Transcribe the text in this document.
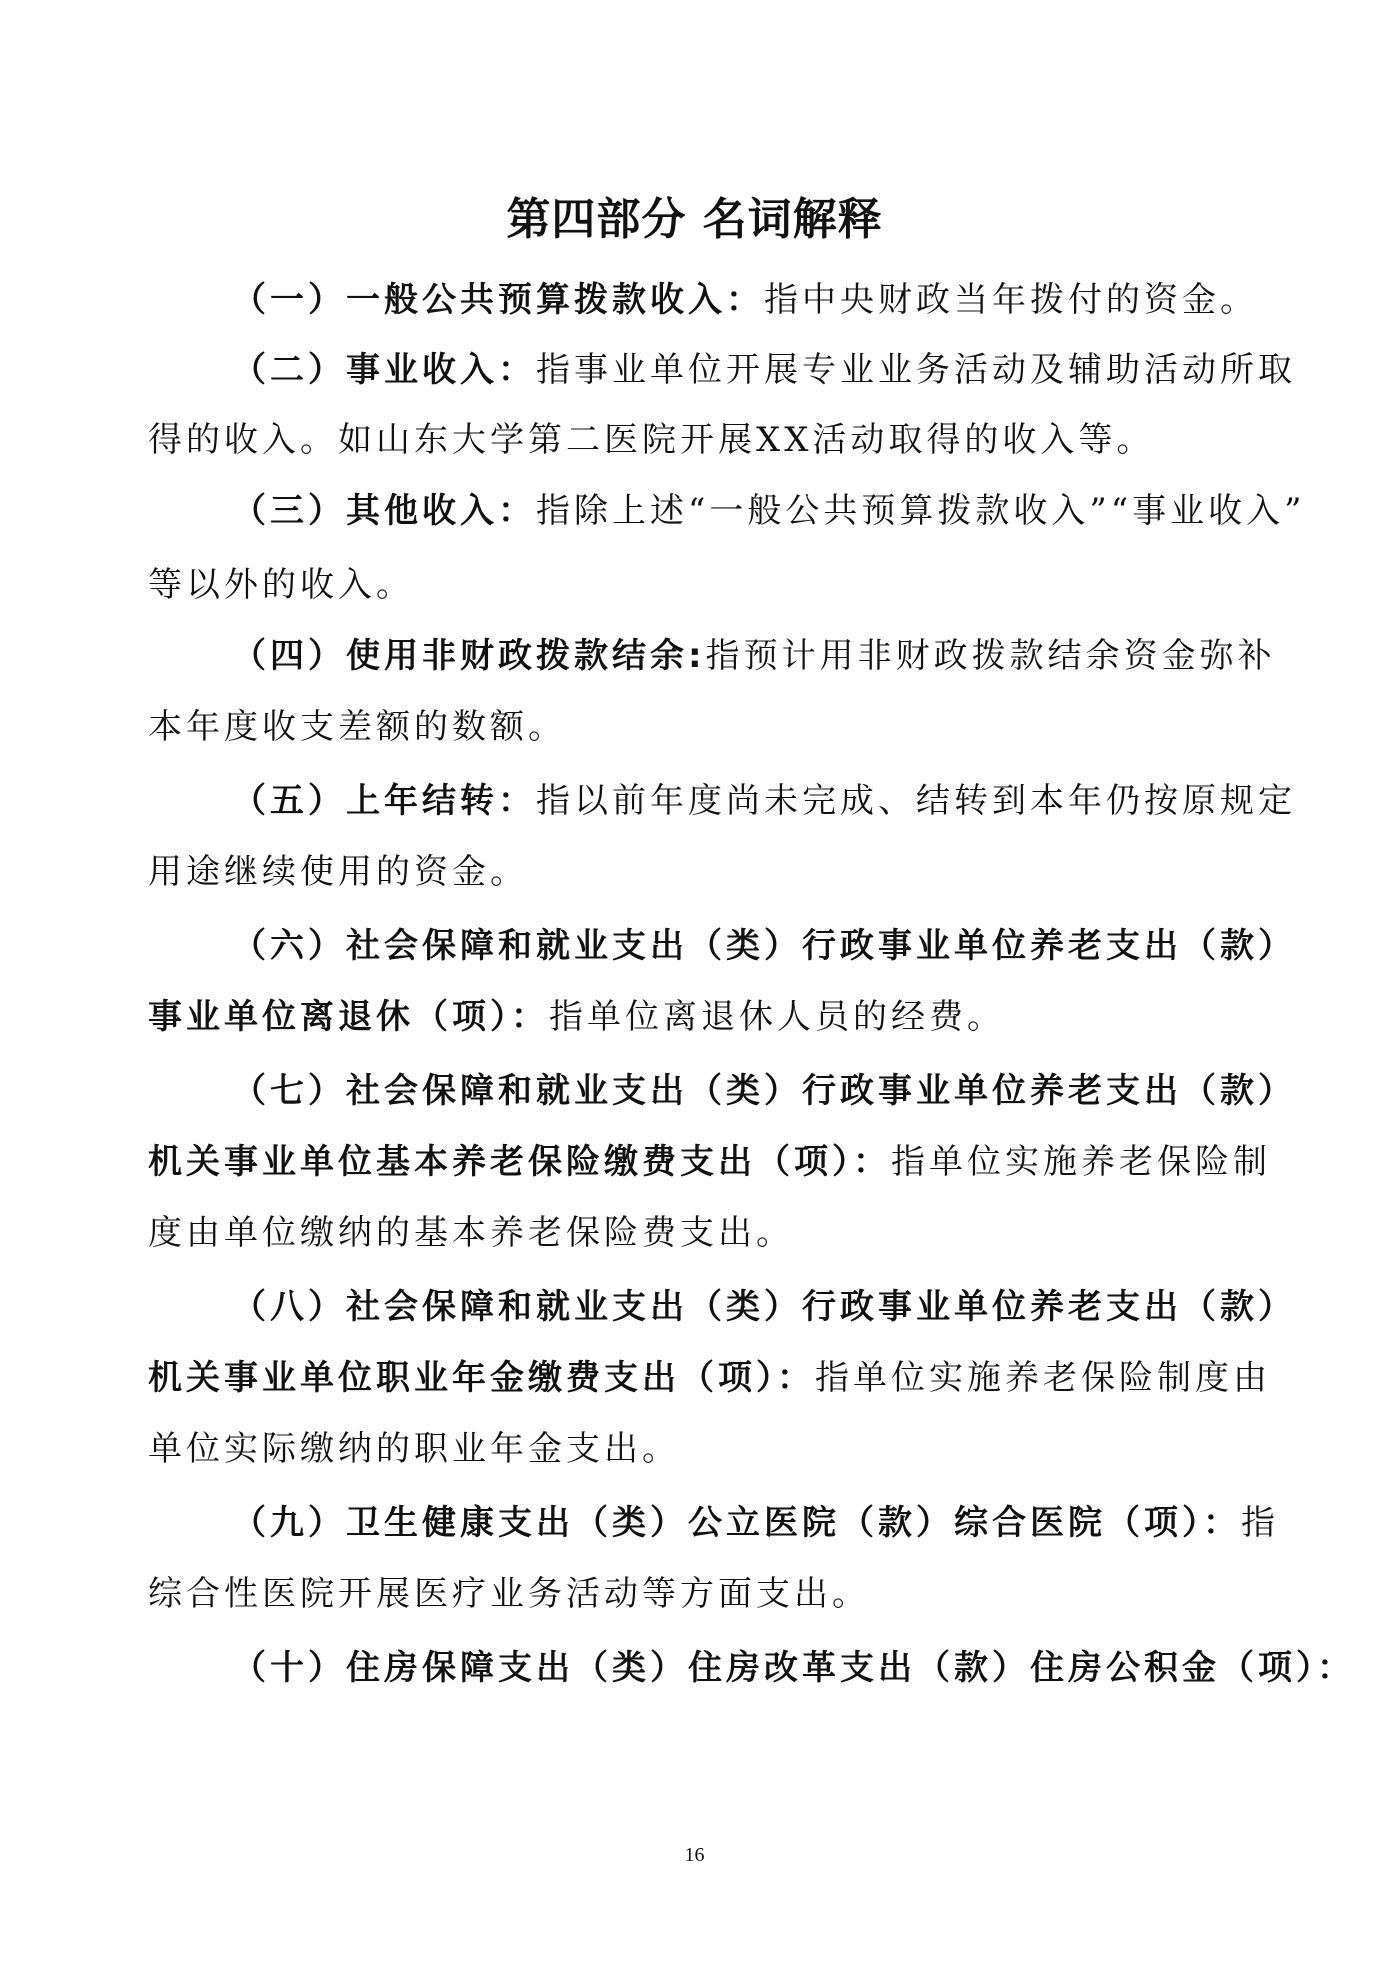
第四部分 名词解释

（一）一般公共预算拨款收入：指中央财政当年拨付的资金。

（二）事业收入：指事业单位开展专业业务活动及辅助活动所取

得的收入。如山东大学第二医院开展XX活动取得的收入等。

（三）其他收入：指除上述“一般公共预算拨款收入”“事业收入”

等以外的收入。

（四）使用非财政拨款结余:指预计用非财政拨款结余资金弥补

本年度收支差额的数额。

（五）上年结转：指以前年度尚未完成、结转到本年仍按原规定

用途继续使用的资金。

（六）社会保障和就业支出（类）行政事业单位养老支出（款）

事业单位离退休（项）：指单位离退休人员的经费。

（七）社会保障和就业支出（类）行政事业单位养老支出（款）

机关事业单位基本养老保险缴费支出（项）：指单位实施养老保险制

度由单位缴纳的基本养老保险费支出。

（八）社会保障和就业支出（类）行政事业单位养老支出（款）

机关事业单位职业年金缴费支出（项）：指单位实施养老保险制度由

单位实际缴纳的职业年金支出。

（九）卫生健康支出（类）公立医院（款）综合医院（项）：指

综合性医院开展医疗业务活动等方面支出。

（十）住房保障支出（类）住房改革支出（款）住房公积金（项）：

16
